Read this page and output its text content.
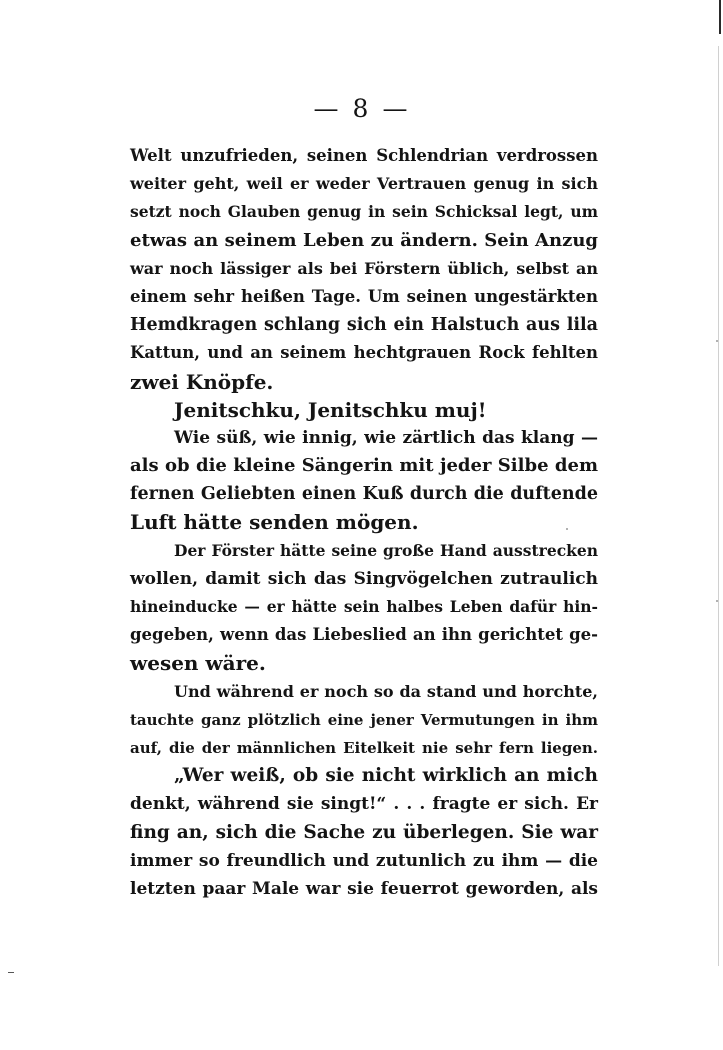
— 8 —
Welt unzufrieden, seinen Schlendrian verdrossen
weiter geht, weil er weder Vertrauen genug in sich
setzt noch Glauben genug in sein Schicksal legt, um
etwas an seinem Leben zu ändern. Sein Anzug
war noch lässiger als bei Förstern üblich, selbst an
einem sehr heißen Tage. Um seinen ungestärkten
Hemdkragen schlang sich ein Halstuch aus lila
Kattun, und an seinem hechtgrauen Rock fehlten
zwei Knöpfe.
Jenitschku, Jenitschku muj!
Wie süß, wie innig, wie zärtlich das klang —
als ob die kleine Sängerin mit jeder Silbe dem
fernen Geliebten einen Kuß durch die duftende
Luft hätte senden mögen.
Der Förster hätte seine große Hand ausstrecken
wollen, damit sich das Singvögelchen zutraulich
hineinducke — er hätte sein halbes Leben dafür hin-
gegeben, wenn das Liebeslied an ihn gerichtet ge-
wesen wäre.
Und während er noch so da stand und horchte,
tauchte ganz plötzlich eine jener Vermutungen in ihm
auf, die der männlichen Eitelkeit nie sehr fern liegen.
„Wer weiß, ob sie nicht wirklich an mich
denkt, während sie singt!“ . . . fragte er sich. Er
fing an, sich die Sache zu überlegen. Sie war
immer so freundlich und zutunlich zu ihm — die
letzten paar Male war sie feuerrot geworden, als
